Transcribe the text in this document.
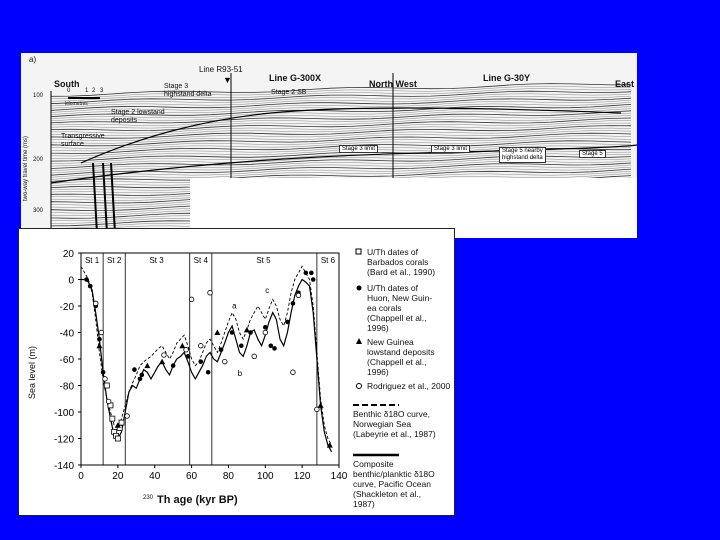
a)
Line R93-51
▼	Line G-300X	Line G-30Y
South	North West	East
0 1 2 3
kilometres
Stage 3
highstand delta	Stage 2 SB
Stage 2 lowstand
deposits
Transgressive
surface
two-way travel time (ms)
100
200
300
Stage 3 limit	Stage 3 limit	Stage 5 nearby
highstand delta
Stage 5
20
0
-20
-40
-60
-80
-100
-120
-140
0	20	40	60	80 100 120 140
St 1 St 2	St 3	St 4	St 5	St 6
a
b
c
Sea level (m)
230 Th age (kyr BP)
U/Th dates of
Barbados corals
(Bard et al., 1990)
U/Th dates of
Huon, New Guin-
ea corals
(Chappell et al.,
1996)
New Guinea
lowstand deposits
(Chappell et al.,
1996)
Rodriguez et al., 2000
Benthic δ18O curve,
Norwegian Sea
(Labeyrie et al., 1987)
Composite
benthic/planktic δ18O
curve, Pacific Ocean
(Shackleton et al.,
1987)
